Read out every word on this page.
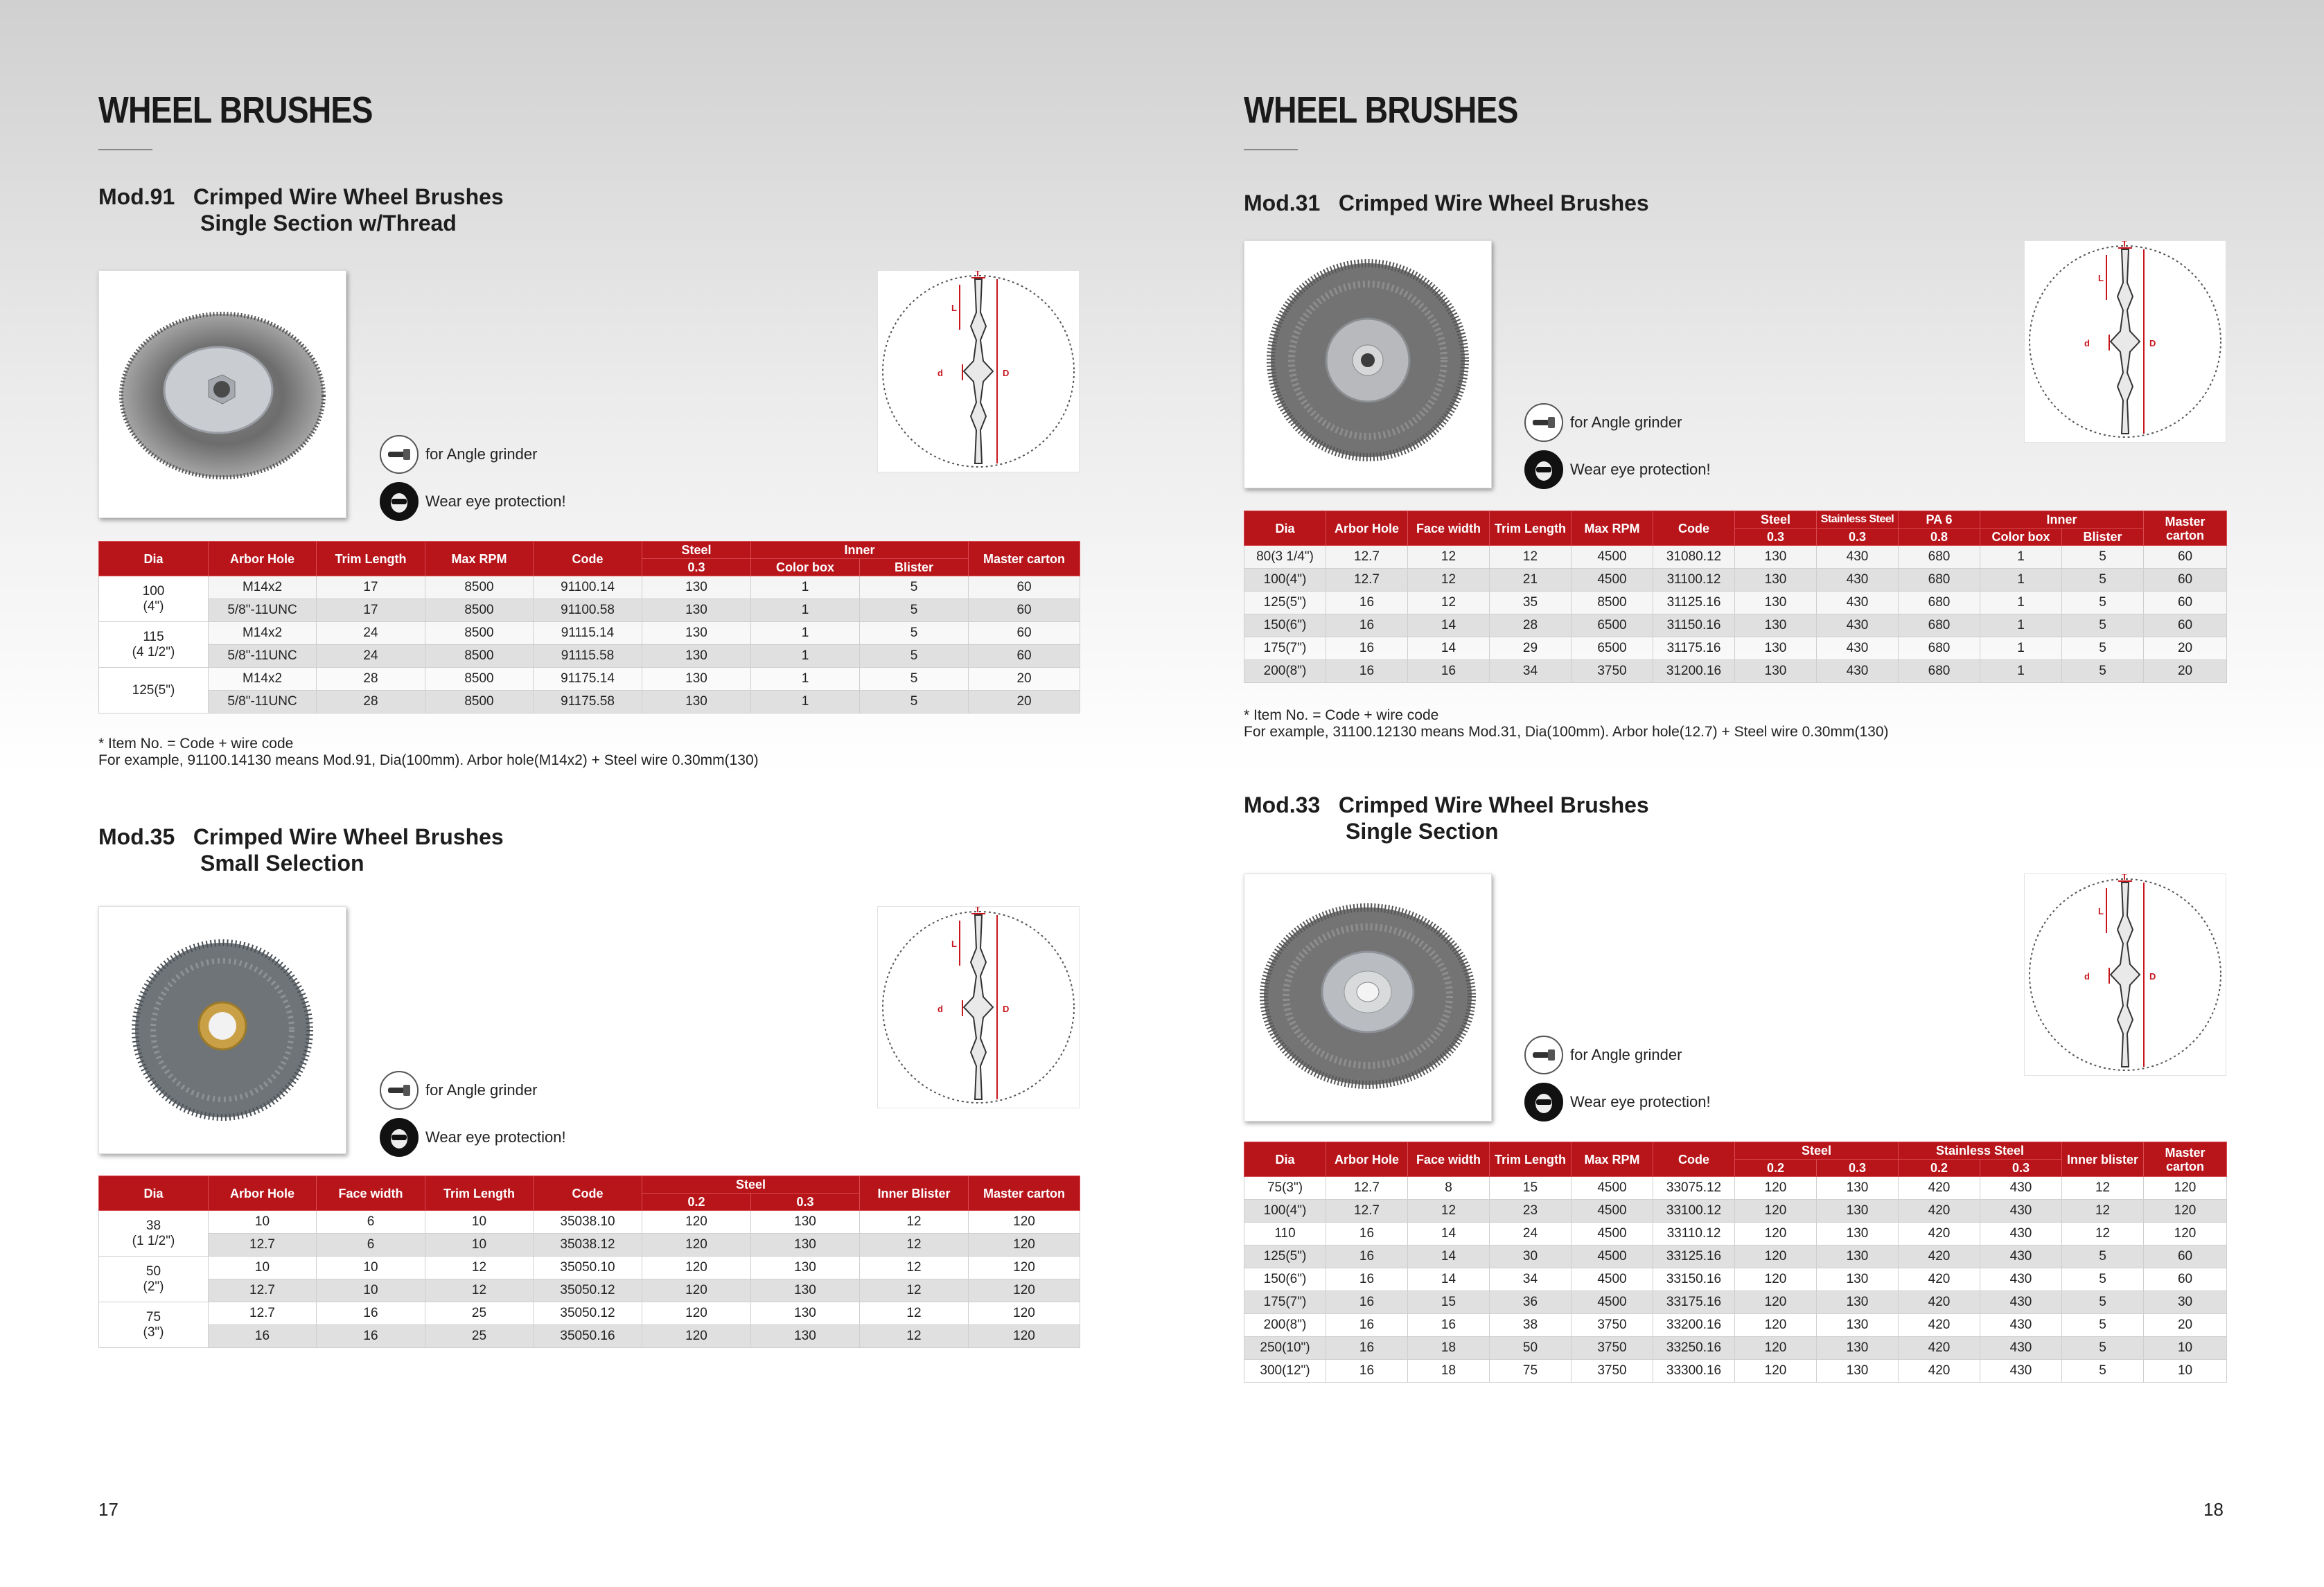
WHEEL BRUSHES
Mod.91 Crimped Wire Wheel Brushes
Single Section w/Thread
T
L
d	D
for Angle grinder
Wear eye protection!
Dia	Arbor Hole	Trim Length	Max RPM	Code	Steel	Inner		Master carton
					0.3	Color box	Blister	
100
(4")	M14x2	17	8500	91100.14	130	1	5	60
	5/8"-11UNC	17	8500	91100.58	130	1	5	60
115
(4 1/2")	M14x2	24	8500	91115.14	130	1	5	60
	5/8"-11UNC	24	8500	91115.58	130	1	5	60
125(5")	M14x2	28	8500	91175.14	130	1	5	20
	5/8"-11UNC	28	8500	91175.58	130	1	5	20
* Item No. = Code + wire code
For example, 91100.14130 means Mod.91, Dia(100mm). Arbor hole(M14x2) + Steel wire 0.30mm(130)
Mod.35 Crimped Wire Wheel Brushes
Small Selection
T
L
d	D
for Angle grinder
Wear eye protection!
Dia	Arbor Hole	Face width	Trim Length	Code	Steel		Inner Blister	Master carton
					0.2	0.3		
38
(1 1/2")	10	6	10	35038.10	120	130	12	120
	12.7	6	10	35038.12	120	130	12	120
50
(2")	10	10	12	35050.10	120	130	12	120
	12.7	10	12	35050.12	120	130	12	120
75
(3")	12.7	16	25	35050.12	120	130	12	120
	16	16	25	35050.16	120	130	12	120
17
WHEEL BRUSHES
Mod.31 Crimped Wire Wheel Brushes
T
L
d	D
for Angle grinder
Wear eye protection!
Dia	Arbor Hole	Face width	Trim Length	Max RPM	Code	Steel	Stainless Steel	PA 6	Inner		Master carton
						0.3	0.3	0.8	Color box	Blister	
80(3 1/4")	12.7	12	12	4500	31080.12	130	430	680	1	5	60
100(4")	12.7	12	21	4500	31100.12	130	430	680	1	5	60
125(5")	16	12	35	8500	31125.16	130	430	680	1	5	60
150(6")	16	14	28	6500	31150.16	130	430	680	1	5	60
175(7")	16	14	29	6500	31175.16	130	430	680	1	5	20
200(8")	16	16	34	3750	31200.16	130	430	680	1	5	20
* Item No. = Code + wire code
For example, 31100.12130 means Mod.31, Dia(100mm). Arbor hole(12.7) + Steel wire 0.30mm(130)
Mod.33 Crimped Wire Wheel Brushes
Single Section
T
L
d	D
for Angle grinder
Wear eye protection!
Dia	Arbor Hole	Face width	Trim Length	Max RPM	Code	Steel		Stainless Steel		Inner blister	Master carton
						0.2	0.3	0.2	0.3		
75(3")	12.7	8	15	4500	33075.12	120	130	420	430	12	120
100(4")	12.7	12	23	4500	33100.12	120	130	420	430	12	120
110	16	14	24	4500	33110.12	120	130	420	430	12	120
125(5")	16	14	30	4500	33125.16	120	130	420	430	5	60
150(6")	16	14	34	4500	33150.16	120	130	420	430	5	60
175(7")	16	15	36	4500	33175.16	120	130	420	430	5	30
200(8")	16	16	38	3750	33200.16	120	130	420	430	5	20
250(10")	16	18	50	3750	33250.16	120	130	420	430	5	10
300(12")	16	18	75	3750	33300.16	120	130	420	430	5	10
18
